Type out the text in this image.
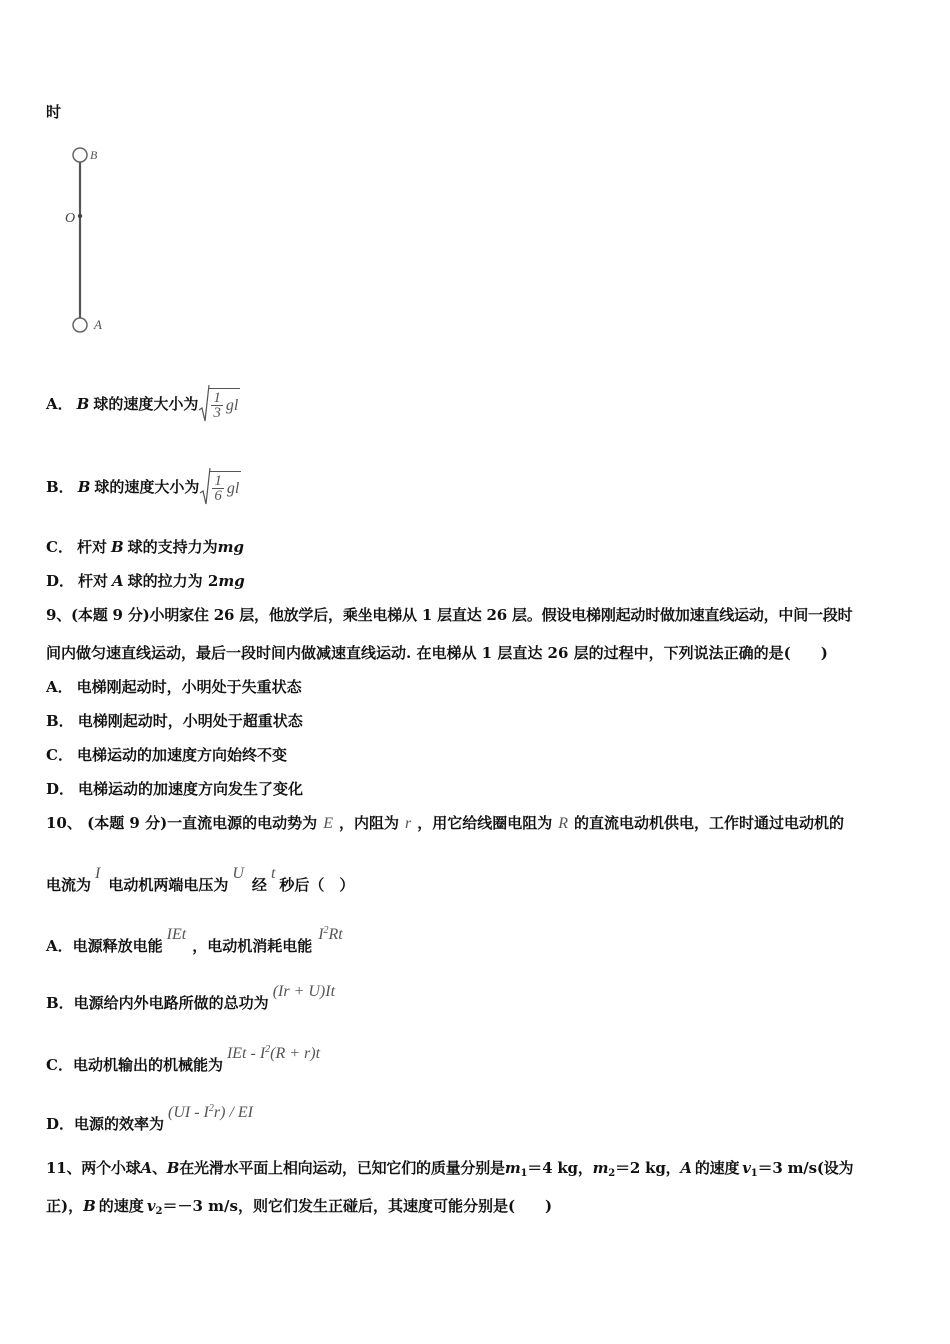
时
B
O
A
A． B 球的速度大小为 $\frac{1}{3}$ gl
B． B 球的速度大小为 $\frac{1}{6}$ gl
C． 杆对 B 球的支持力为mg
D． 杆对 A 球的拉力为 2mg
9、(本题 9 分)小明家住 26 层，他放学后，乘坐电梯从 1 层直达 26 层。假设电梯刚起动时做加速直线运动，中间一段时
间内做匀速直线运动，最后一段时间内做减速直线运动. 在电梯从 1 层直达 26 层的过程中，下列说法正确的是(　　)
A． 电梯刚起动时，小明处于失重状态
B． 电梯刚起动时，小明处于超重状态
C． 电梯运动的加速度方向始终不变
D． 电梯运动的加速度方向发生了变化
10、 (本题 9 分)一直流电源的电动势为 E ，内阻为 r ，用它给线圈电阻为 R 的直流电动机供电，工作时通过电动机的
电流为I电动机两端电压为U经t秒后（　）
A．电源释放电能IEt，电动机消耗电能$I^2Rt$
B．电源给内外电路所做的总功为(Ir + U)It
C．电动机输出的机械能为IEt - $I^2(R + r)t$
D．电源的效率为$(UI - I^2r)$ / EI
11、两个小球A、B在光滑水平面上相向运动，已知它们的质量分别是$m_1=4$ kg，$m_2=2$ kg，A 的速度 $v_1=3$ m/s(设为
正)，B 的速度 $v_2=-3$ m/s，则它们发生正碰后，其速度可能分别是(　　)
